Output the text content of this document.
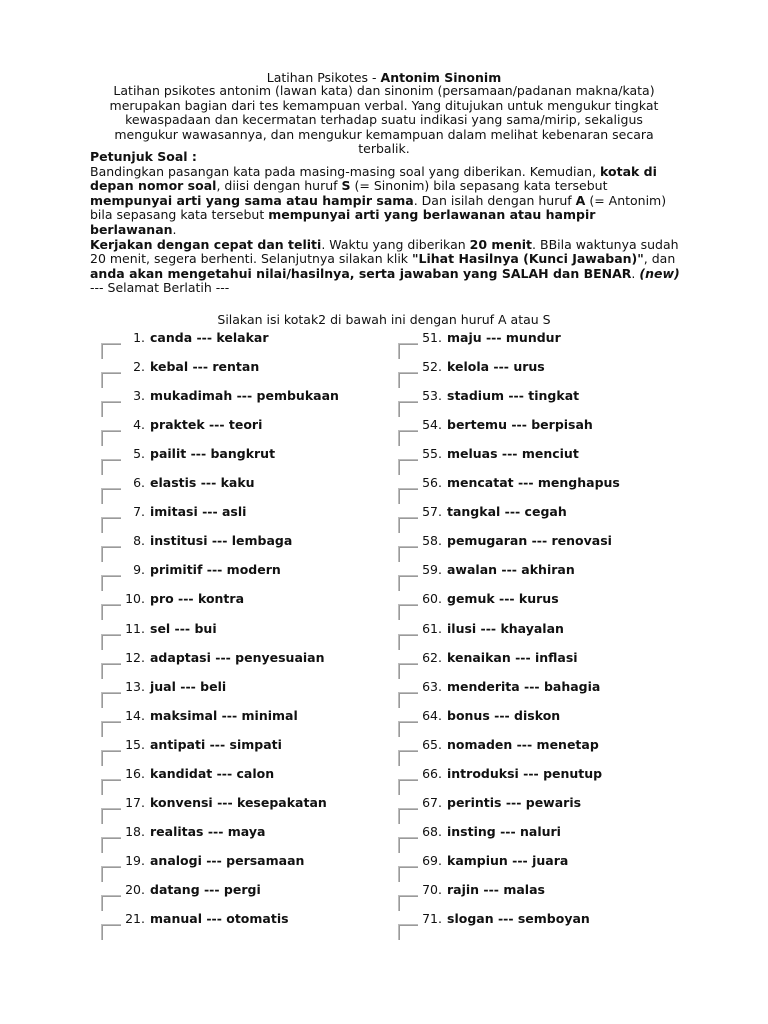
Latihan Psikotes - Antonim Sinonim
Latihan psikotes antonim (lawan kata) dan sinonim (persamaan/padanan makna/kata) merupakan bagian dari tes kemampuan verbal. Yang ditujukan untuk mengukur tingkat kewaspadaan dan kecermatan terhadap suatu indikasi yang sama/mirip, sekaligus mengukur wawasannya, dan mengukur kemampuan dalam melihat kebenaran secara terbalik.
Petunjuk Soal :
Bandingkan pasangan kata pada masing-masing soal yang diberikan. Kemudian, kotak di depan nomor soal, diisi dengan huruf S (= Sinonim) bila sepasang kata tersebut mempunyai arti yang sama atau hampir sama. Dan isilah dengan huruf A (= Antonim) bila sepasang kata tersebut mempunyai arti yang berlawanan atau hampir berlawanan.
Kerjakan dengan cepat dan teliti. Waktu yang diberikan 20 menit. BBila waktunya sudah 20 menit, segera berhenti. Selanjutnya silakan klik "Lihat Hasilnya (Kunci Jawaban)", dan anda akan mengetahui nilai/hasilnya, serta jawaban yang SALAH dan BENAR. (new) --- Selamat Berlatih ---
Silakan isi kotak2 di bawah ini dengan huruf A atau S
1. canda --- kelakar
2. kebal --- rentan
3. mukadimah --- pembukaan
4. praktek --- teori
5. pailit --- bangkrut
6. elastis --- kaku
7. imitasi --- asli
8. institusi --- lembaga
9. primitif --- modern
10. pro --- kontra
11. sel --- bui
12. adaptasi --- penyesuaian
13. jual --- beli
14. maksimal --- minimal
15. antipati --- simpati
16. kandidat --- calon
17. konvensi --- kesepakatan
18. realitas --- maya
19. analogi --- persamaan
20. datang --- pergi
21. manual --- otomatis
51. maju --- mundur
52. kelola --- urus
53. stadium --- tingkat
54. bertemu --- berpisah
55. meluas --- menciut
56. mencatat --- menghapus
57. tangkal --- cegah
58. pemugaran --- renovasi
59. awalan --- akhiran
60. gemuk --- kurus
61. ilusi --- khayalan
62. kenaikan --- inflasi
63. menderita --- bahagia
64. bonus --- diskon
65. nomaden --- menetap
66. introduksi --- penutup
67. perintis --- pewaris
68. insting --- naluri
69. kampiun --- juara
70. rajin --- malas
71. slogan --- semboyan
